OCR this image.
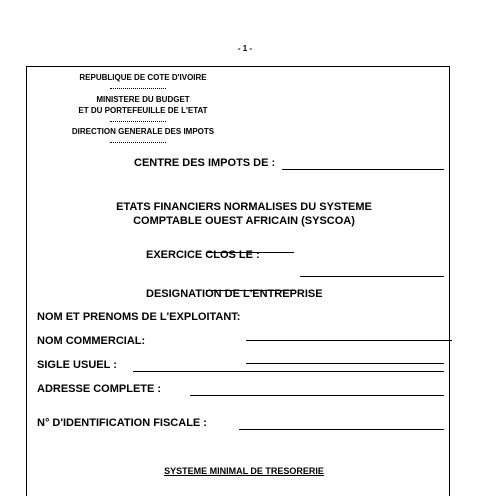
- 1 -
REPUBLIQUE DE COTE D'IVOIRE
MINISTERE DU BUDGET
ET DU PORTEFEUILLE DE L'ETAT
DIRECTION GENERALE DES IMPOTS
CENTRE DES IMPOTS DE :
ETATS FINANCIERS NORMALISES DU SYSTEME
COMPTABLE OUEST AFRICAIN (SYSCOA)
EXERCICE CLOS LE :
DESIGNATION DE L'ENTREPRISE
NOM ET PRENOMS DE L'EXPLOITANT:
NOM COMMERCIAL:
SIGLE USUEL :
ADRESSE COMPLETE :
N° D'IDENTIFICATION FISCALE :
SYSTEME MINIMAL DE TRESORERIE
